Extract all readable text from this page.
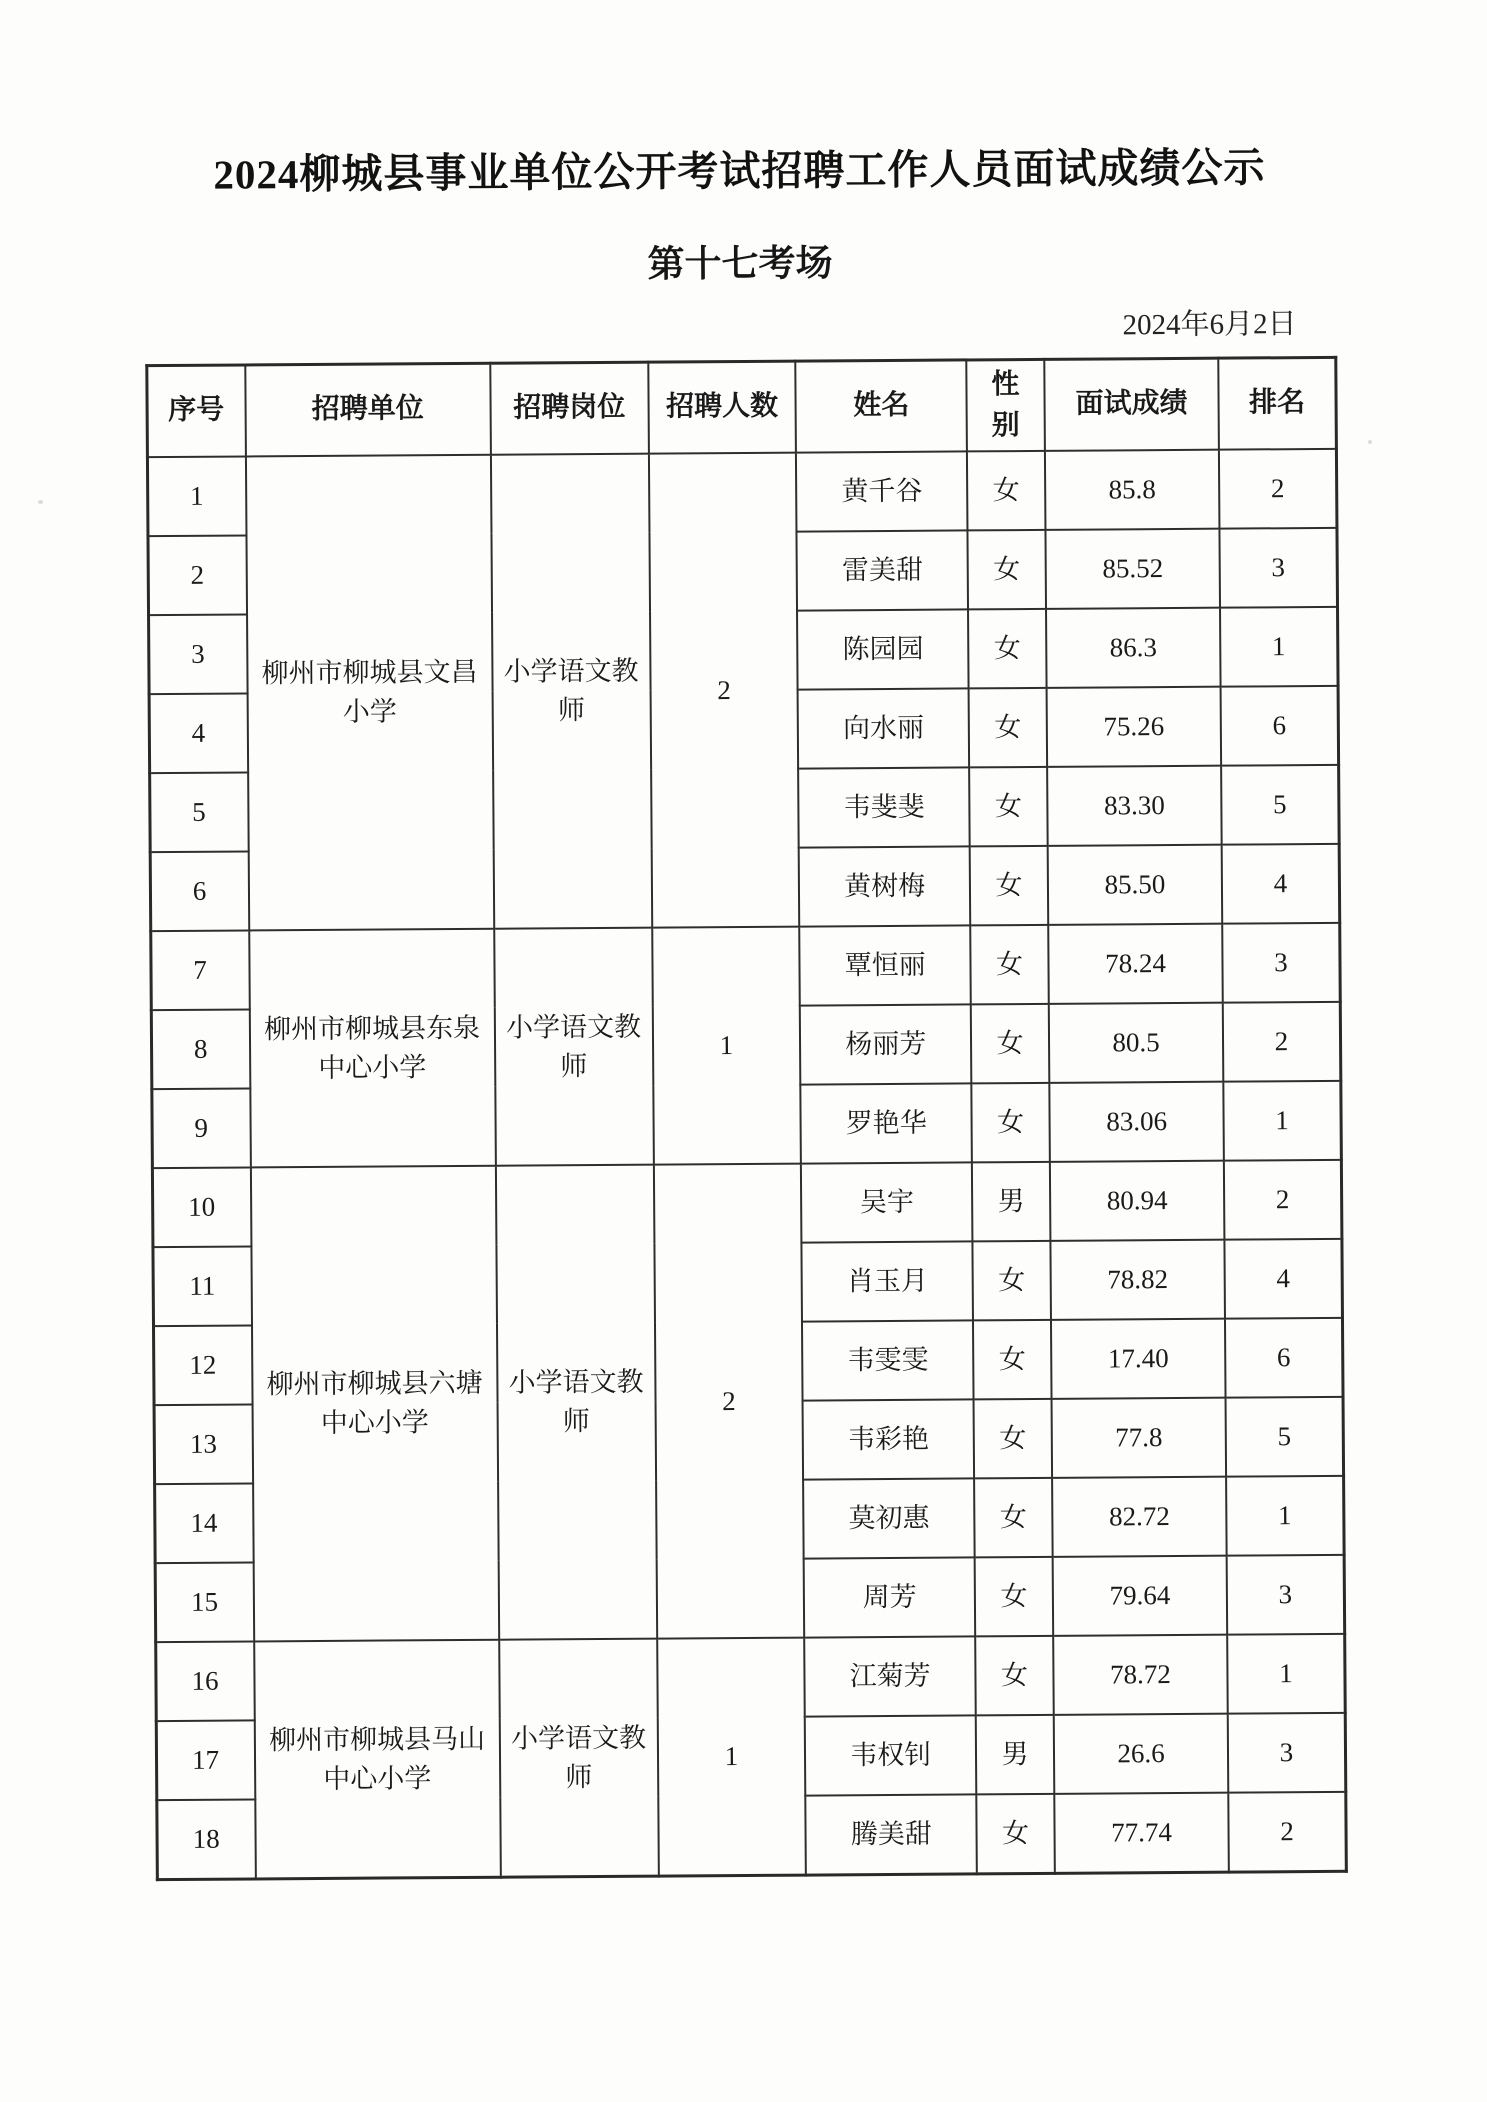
2024柳城县事业单位公开考试招聘工作人员面试成绩公示
第十七考场
2024年6月2日
序号	招聘单位	招聘岗位	招聘人数	姓名	性别	面试成绩	排名
1	柳州市柳城县文昌小学	小学语文教师	2	黄千谷	女	85.8	2
2				雷美甜	女	85.52	3
3				陈园园	女	86.3	1
4				向水丽	女	75.26	6
5				韦斐斐	女	83.30	5
6				黄树梅	女	85.50	4
7	柳州市柳城县东泉中心小学	小学语文教师	1	覃恒丽	女	78.24	3
8				杨丽芳	女	80.5	2
9				罗艳华	女	83.06	1
10	柳州市柳城县六塘中心小学	小学语文教师	2	吴宇	男	80.94	2
11				肖玉月	女	78.82	4
12				韦雯雯	女	17.40	6
13				韦彩艳	女	77.8	5
14				莫初惠	女	82.72	1
15				周芳	女	79.64	3
16	柳州市柳城县马山中心小学	小学语文教师	1	江菊芳	女	78.72	1
17				韦权钊	男	26.6	3
18				腾美甜	女	77.74	2
